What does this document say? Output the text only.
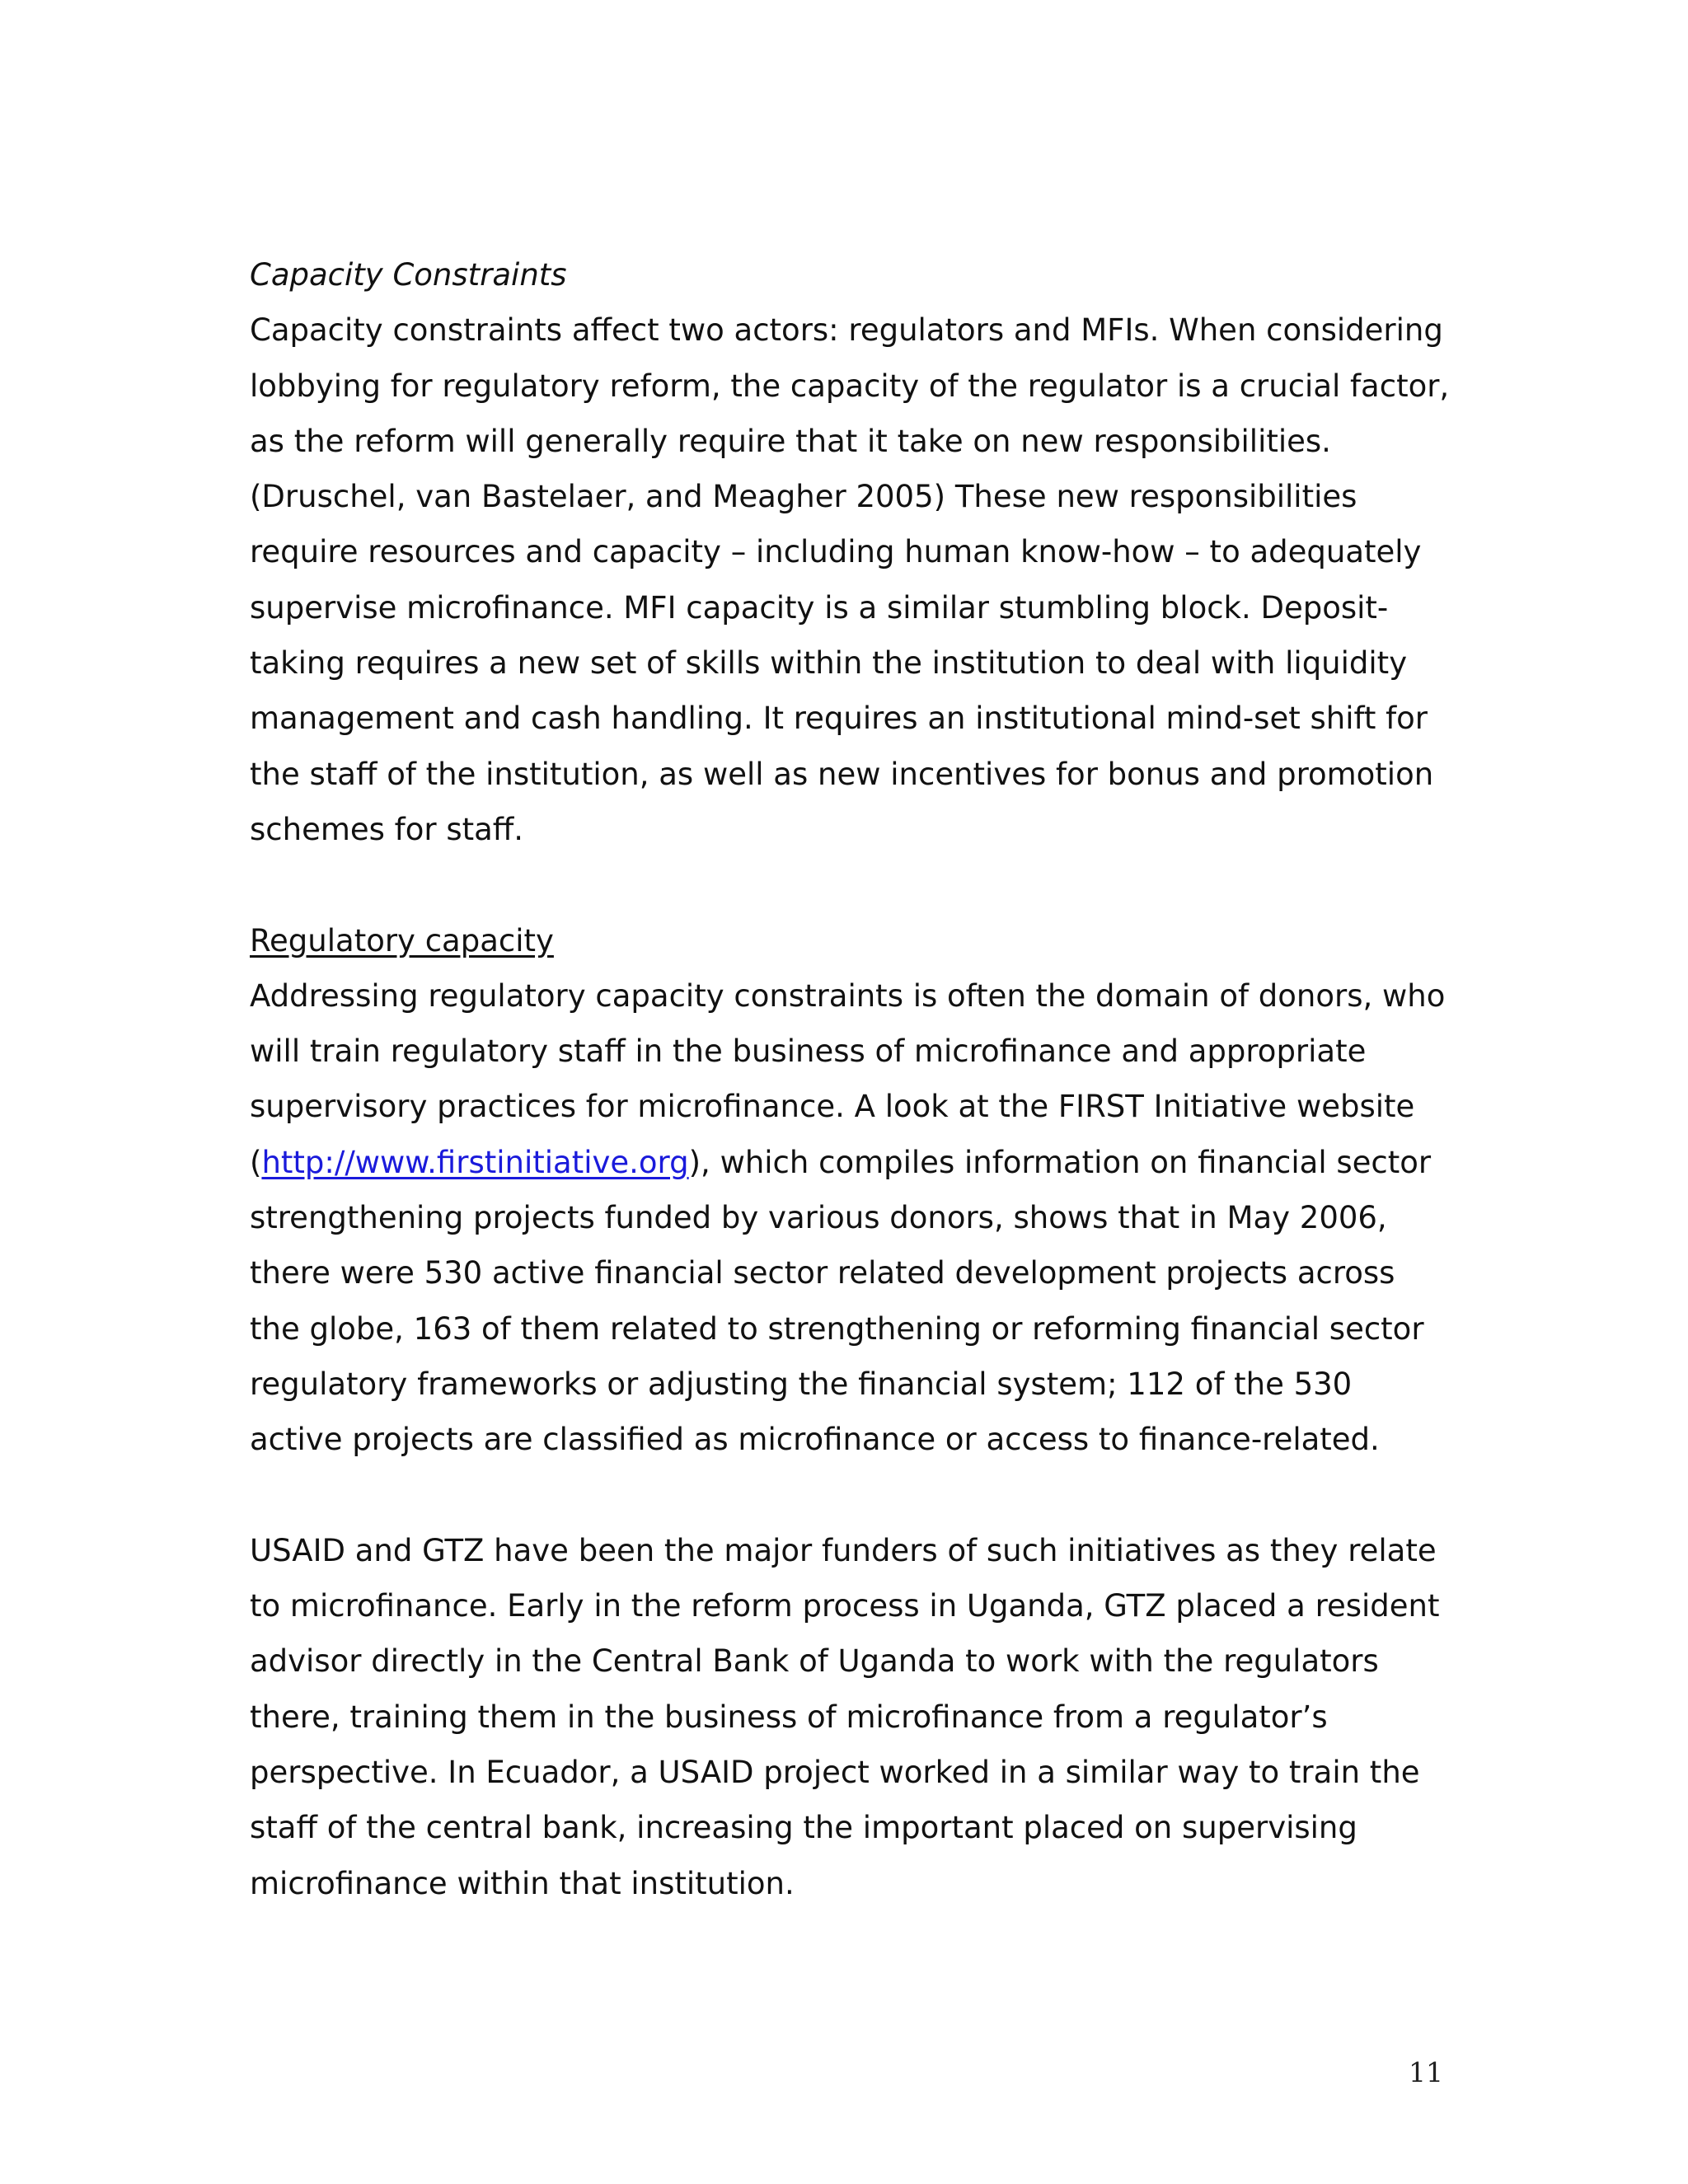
Capacity Constraints

Capacity constraints affect two actors: regulators and MFIs. When considering lobbying for regulatory reform, the capacity of the regulator is a crucial factor, as the reform will generally require that it take on new responsibilities. (Druschel, van Bastelaer, and Meagher 2005) These new responsibilities require resources and capacity – including human know-how – to adequately supervise microfinance. MFI capacity is a similar stumbling block. Deposit-taking requires a new set of skills within the institution to deal with liquidity management and cash handling. It requires an institutional mind-set shift for the staff of the institution, as well as new incentives for bonus and promotion schemes for staff.

Regulatory capacity

Addressing regulatory capacity constraints is often the domain of donors, who will train regulatory staff in the business of microfinance and appropriate supervisory practices for microfinance. A look at the FIRST Initiative website (http://www.firstinitiative.org), which compiles information on financial sector strengthening projects funded by various donors, shows that in May 2006, there were 530 active financial sector related development projects across the globe, 163 of them related to strengthening or reforming financial sector regulatory frameworks or adjusting the financial system; 112 of the 530 active projects are classified as microfinance or access to finance-related.

USAID and GTZ have been the major funders of such initiatives as they relate to microfinance. Early in the reform process in Uganda, GTZ placed a resident advisor directly in the Central Bank of Uganda to work with the regulators there, training them in the business of microfinance from a regulator’s perspective. In Ecuador, a USAID project worked in a similar way to train the staff of the central bank, increasing the important placed on supervising microfinance within that institution.

11
